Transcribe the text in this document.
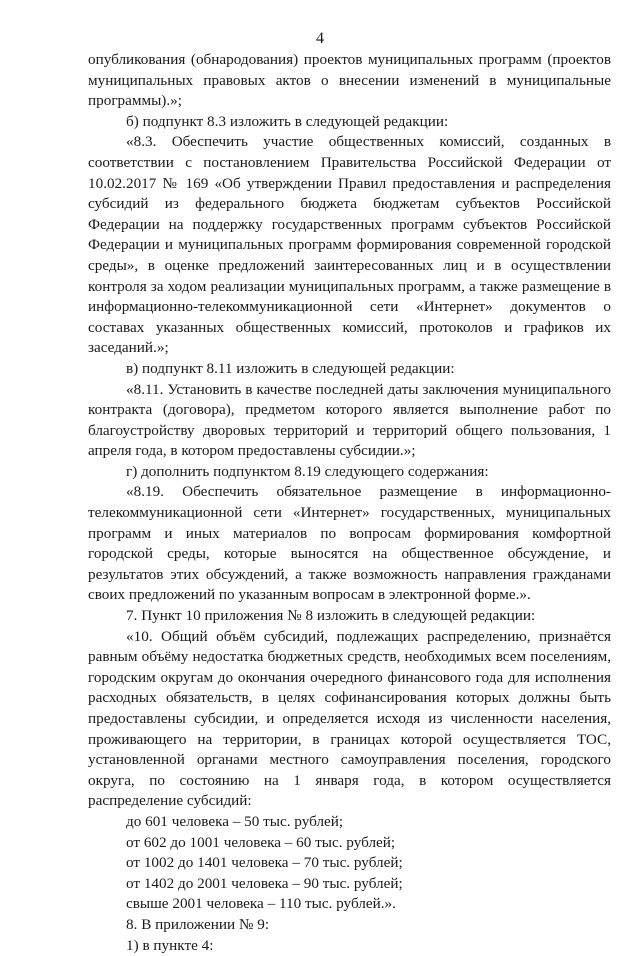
4

опубликования (обнародования) проектов муниципальных программ (проектов муниципальных правовых актов о внесении изменений в муниципальные программы).»;

б) подпункт 8.3 изложить в следующей редакции:

«8.3. Обеспечить участие общественных комиссий, созданных в соответствии с постановлением Правительства Российской Федерации от 10.02.2017 № 169 «Об утверждении Правил предоставления и распределения субсидий из федерального бюджета бюджетам субъектов Российской Федерации на поддержку государственных программ субъектов Российской Федерации и муниципальных программ формирования современной городской среды», в оценке предложений заинтересованных лиц и в осуществлении контроля за ходом реализации муниципальных программ, а также размещение в информационно-телекоммуникационной сети «Интернет» документов о составах указанных общественных комиссий, протоколов и графиков их заседаний.»;

в) подпункт 8.11 изложить в следующей редакции:

«8.11. Установить в качестве последней даты заключения муниципального контракта (договора), предметом которого является выполнение работ по благоустройству дворовых территорий и территорий общего пользования, 1 апреля года, в котором предоставлены субсидии.»;

г) дополнить подпунктом 8.19 следующего содержания:

«8.19. Обеспечить обязательное размещение в информационно-телекоммуникационной сети «Интернет» государственных, муниципальных программ и иных материалов по вопросам формирования комфортной городской среды, которые выносятся на общественное обсуждение, и результатов этих обсуждений, а также возможность направления гражданами своих предложений по указанным вопросам в электронной форме.».

7. Пункт 10 приложения № 8 изложить в следующей редакции:

«10. Общий объём субсидий, подлежащих распределению, признаётся равным объёму недостатка бюджетных средств, необходимых всем поселениям, городским округам до окончания очередного финансового года для исполнения расходных обязательств, в целях софинансирования которых должны быть предоставлены субсидии, и определяется исходя из численности населения, проживающего на территории, в границах которой осуществляется ТОС, установленной органами местного самоуправления поселения, городского округа, по состоянию на 1 января года, в котором осуществляется распределение субсидий:

до 601 человека – 50 тыс. рублей;
от 602 до 1001 человека – 60 тыс. рублей;
от 1002 до 1401 человека – 70 тыс. рублей;
от 1402 до 2001 человека – 90 тыс. рублей;
свыше 2001 человека – 110 тыс. рублей.».
8. В приложении № 9:
1) в пункте 4:
